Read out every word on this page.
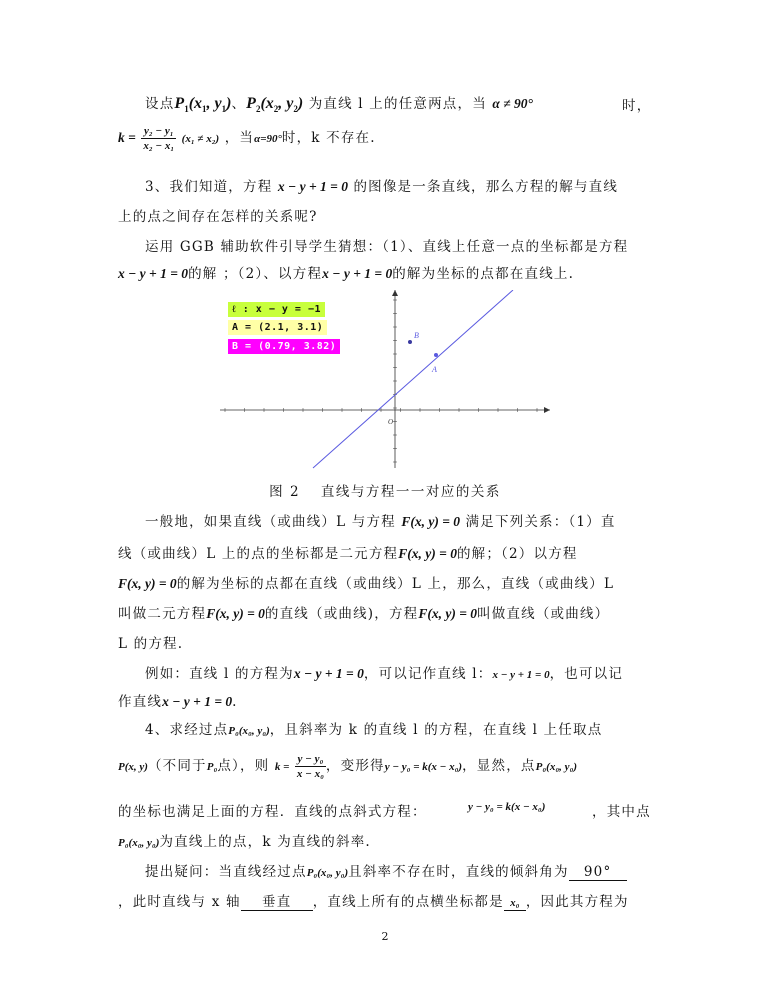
设点$P_1(x_1$, $y_1$)、$P_2(x_2$, $y_2$) 为直线 l 上的任意两点，当 α ≠ 90°	时，
$k = \frac{\text{y₂ − y₁}}{\text{x₂ − x₁}} (x_1 \ne x_2)$ ，当α=90°时，k 不存在.
3、我们知道，方程 x − y + 1 = 0 的图像是一条直线，那么方程的解与直线
上的点之间存在怎样的关系呢?
运用 GGB 辅助软件引导学生猜想：（1）、直线上任意一点的坐标都是方程
x − y + 1 = 0的解 ；（2）、以方程x − y + 1 = 0的解为坐标的点都在直线上.
A
B
O
ℓ : x − y = −1
A = (2.1, 3.1)
B = (0.79, 3.82)
图 2　 直线与方程一一对应的关系
一般地，如果直线（或曲线）L 与方程 F(x, y) = 0 满足下列关系：（1）直
线（或曲线）L 上的点的坐标都是二元方程F(x, y) = 0的解；（2）以方程
F(x, y) = 0的解为坐标的点都在直线（或曲线）L 上，那么，直线（或曲线）L
叫做二元方程F(x, y) = 0的直线（或曲线)，方程F(x, y) = 0叫做直线（或曲线）
L 的方程.
例如：直线 l 的方程为x − y + 1 = 0，可以记作直线 l：x − y + 1 = 0，也可以记
作直线x − y + 1 = 0.
4、求经过点P₀(x₀, y₀)，且斜率为 k 的直线 l 的方程，在直线 l 上任取点
P(x, y)（不同于P₀点），则 $k = \frac{\text{y − y₀}}{\text{x − x₀}}$ ，变形得y − y₀ = k(x − x₀)，显然，点P₀(x₀, y₀)
的坐标也满足上面的方程．直线的点斜式方程：	y − y₀ = k(x − x₀)	，其中点
P₀(x₀, y₀)为直线上的点，k 为直线的斜率.
提出疑问：当直线经过点P₀(x₀, y₀)且斜率不存在时，直线的倾斜角为 90°
，此时直线与 x 轴 垂直 ，直线上所有的点横坐标都是 x₀ ，因此其方程为
2
